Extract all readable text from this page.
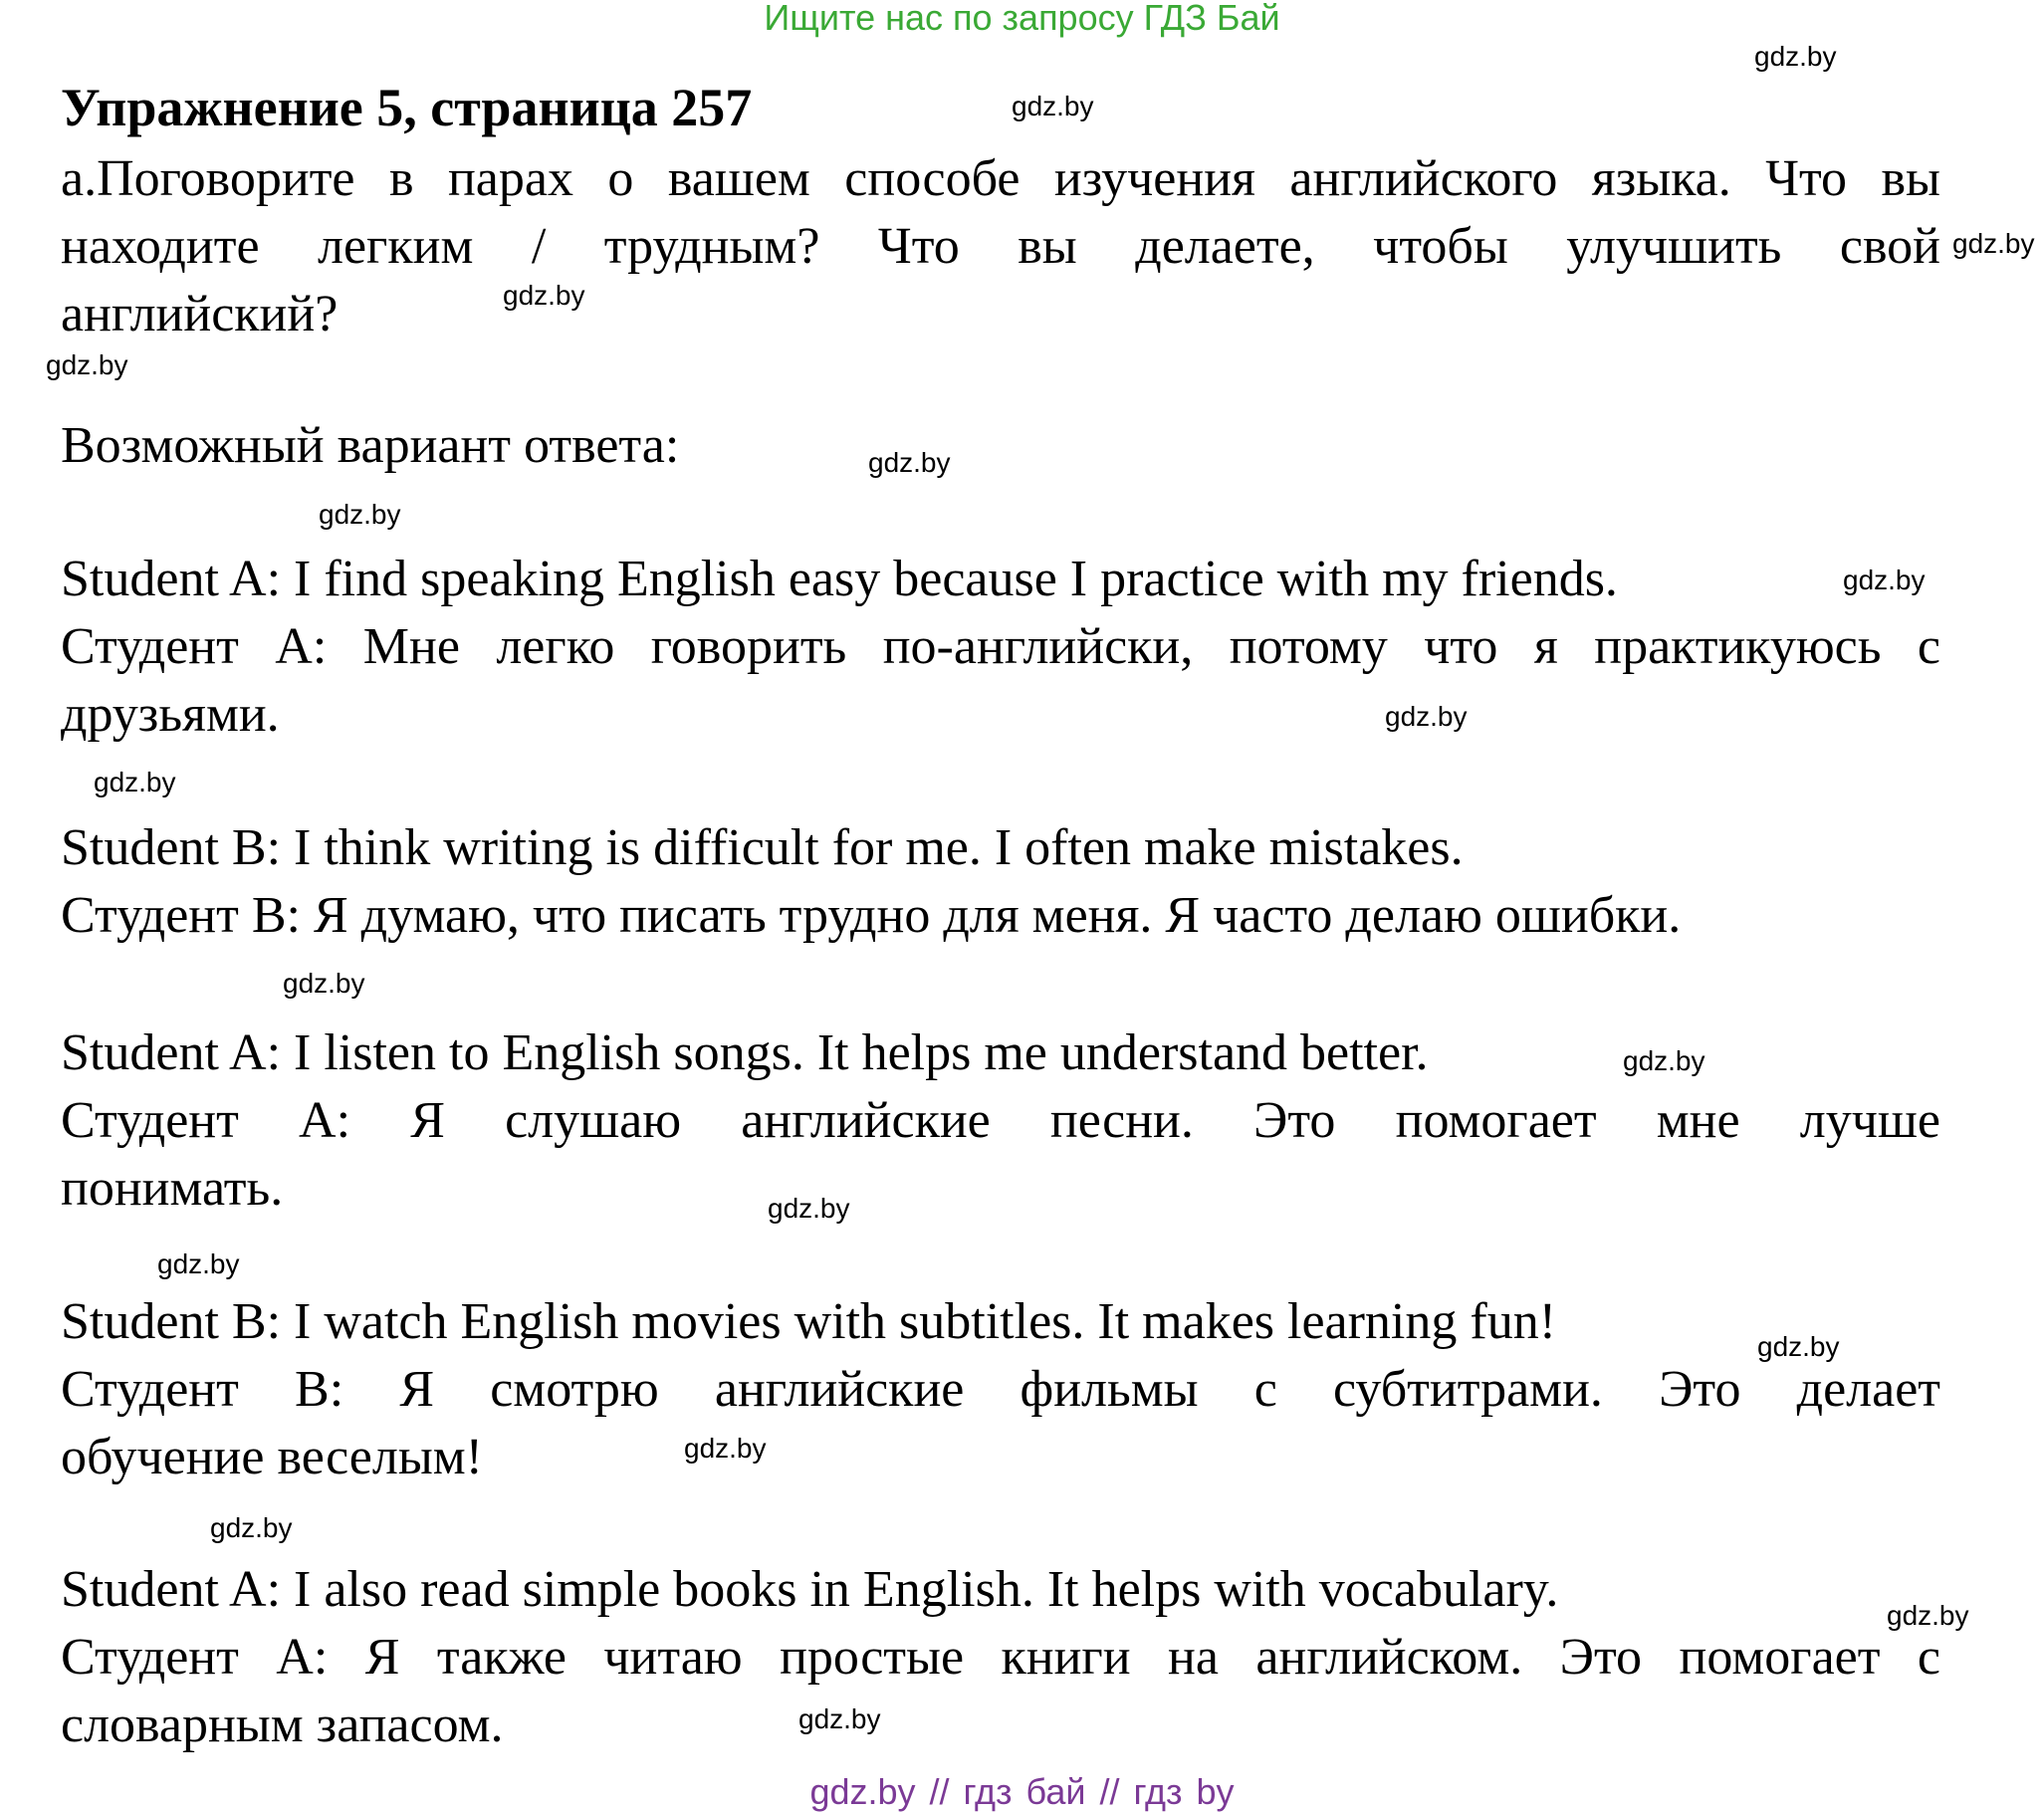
Ищите нас по запросу ГДЗ Бай
Упражнение 5, страница 257
а.Поговорите в парах о вашем способе изучения английского языка. Что вы
находите легким / трудным? Что вы делаете, чтобы улучшить свой
английский?
Возможный вариант ответа:
Student A: I find speaking English easy because I practice with my friends.
Студент А: Мне легко говорить по-английски, потому что я практикуюсь с
друзьями.
Student B: I think writing is difficult for me. I often make mistakes.
Студент В: Я думаю, что писать трудно для меня. Я часто делаю ошибки.
Student A: I listen to English songs. It helps me understand better.
Студент А: Я слушаю английские песни. Это помогает мне лучше
понимать.
Student B: I watch English movies with subtitles. It makes learning fun!
Студент В: Я смотрю английские фильмы с субтитрами. Это делает
обучение веселым!
Student A: I also read simple books in English. It helps with vocabulary.
Студент А: Я также читаю простые книги на английском. Это помогает с
словарным запасом.
gdz.by
gdz.by
gdz.by
gdz.by
gdz.by
gdz.by
gdz.by
gdz.by
gdz.by
gdz.by
gdz.by
gdz.by
gdz.by
gdz.by
gdz.by
gdz.by
gdz.by
gdz.by
gdz.by
gdz.by // гдз бай // гдз by
